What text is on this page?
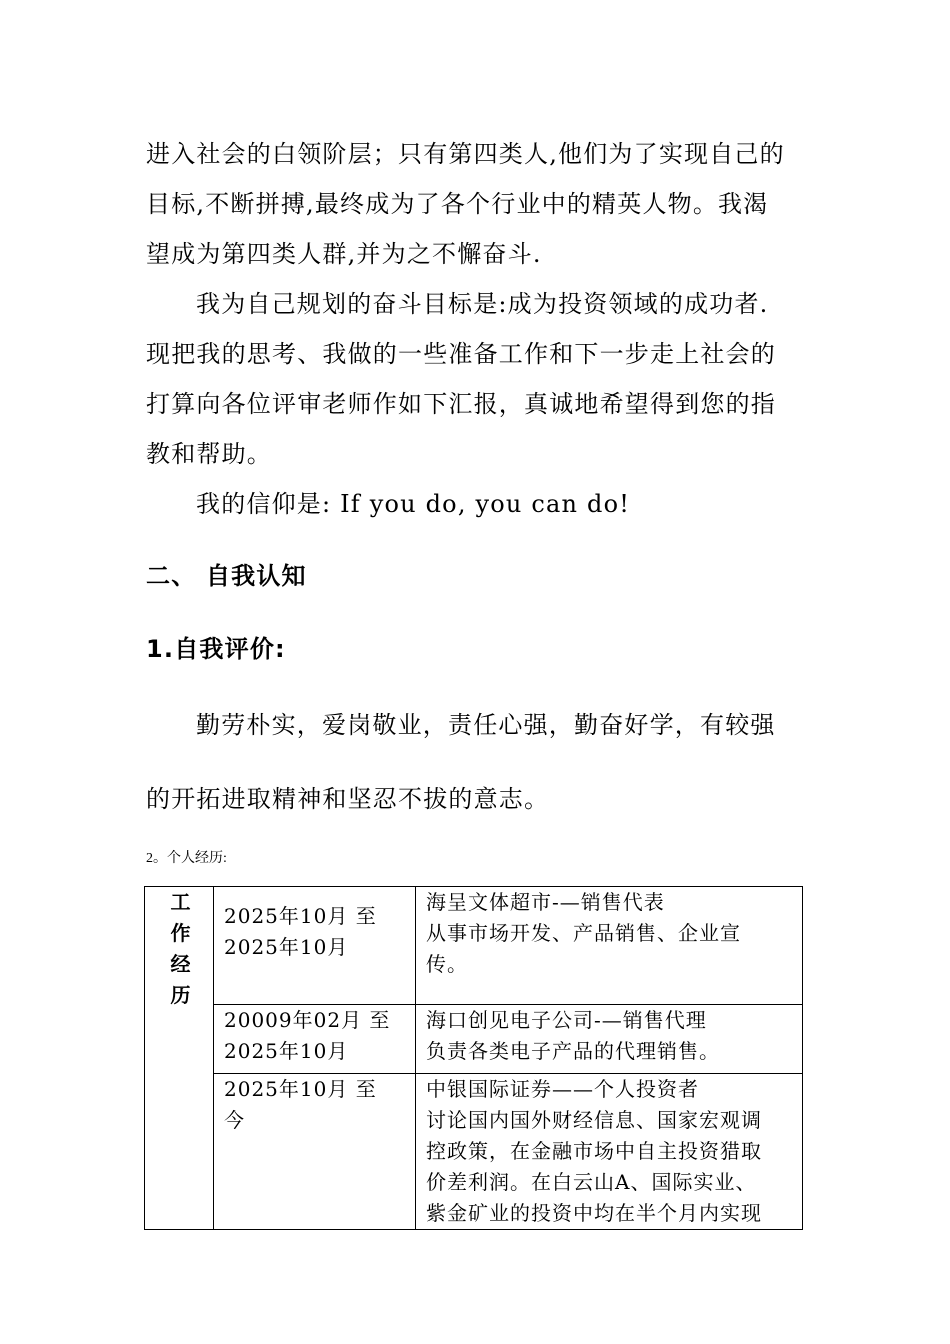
进入社会的白领阶层；只有第四类人,他们为了实现自己的
目标,不断拼搏,最终成为了各个行业中的精英人物。我渴
望成为第四类人群,并为之不懈奋斗.
我为自己规划的奋斗目标是:成为投资领域的成功者.
现把我的思考、我做的一些准备工作和下一步走上社会的
打算向各位评审老师作如下汇报，真诚地希望得到您的指
教和帮助。
我的信仰是: If you do, you can do!
二、 自我认知
1.自我评价:
勤劳朴实，爱岗敬业，责任心强，勤奋好学，有较强
的开拓进取精神和坚忍不拔的意志。
2。个人经历:
工
作
经
历	2025年10月 至
2025年10月	海呈文体超市-—销售代表
从事市场开发、产品销售、企业宣
传。

	20009年02月 至
2025年10月	海口创见电子公司-—销售代理
负责各类电子产品的代理销售。

	2025年10月 至
今	中银国际证券——个人投资者
讨论国内国外财经信息、国家宏观调
控政策，在金融市场中自主投资猎取
价差利润。在白云山A、国际实业、
紫金矿业的投资中均在半个月内实现
